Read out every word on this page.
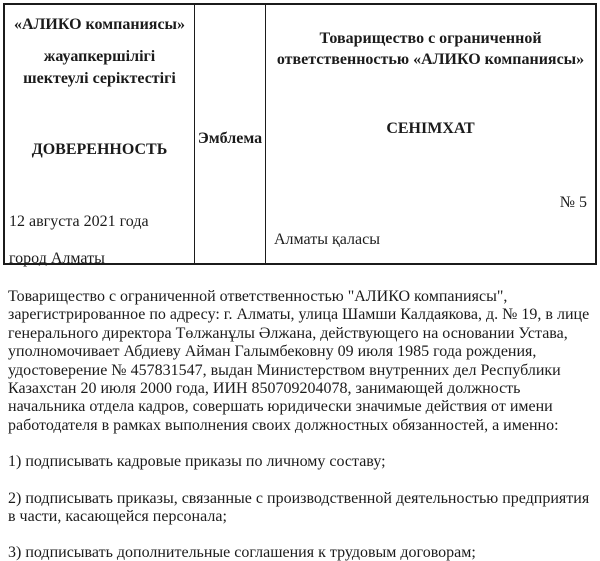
«АЛИКО компаниясы»
жауапкершілігі шектеулі серіктестігі
ДОВЕРЕННОСТЬ
12 августа 2021 года
город Алматы
Эмблема
Товарищество с ограниченной ответственностью «АЛИКО компаниясы»
СЕНІМХАТ
№ 5
Алматы қаласы

Товарищество с ограниченной ответственностью "АЛИКО компаниясы", зарегистрированное по адресу: г. Алматы, улица Шамши Калдаякова, д. № 19, в лице генерального директора Төлжанұлы Әлжана, действующего на основании Устава, уполномочивает Абдиеву Айман Галымбековну 09 июля 1985 года рождения, удостоверение № 457831547, выдан Министерством внутренних дел Республики Казахстан 20 июля 2000 года, ИИН 850709204078, занимающей должность начальника отдела кадров, совершать юридически значимые действия от имени работодателя в рамках выполнения своих должностных обязанностей, а именно:

1) подписывать кадровые приказы по личному составу;

2) подписывать приказы, связанные с производственной деятельностью предприятия в части, касающейся персонала;

3) подписывать дополнительные соглашения к трудовым договорам;
